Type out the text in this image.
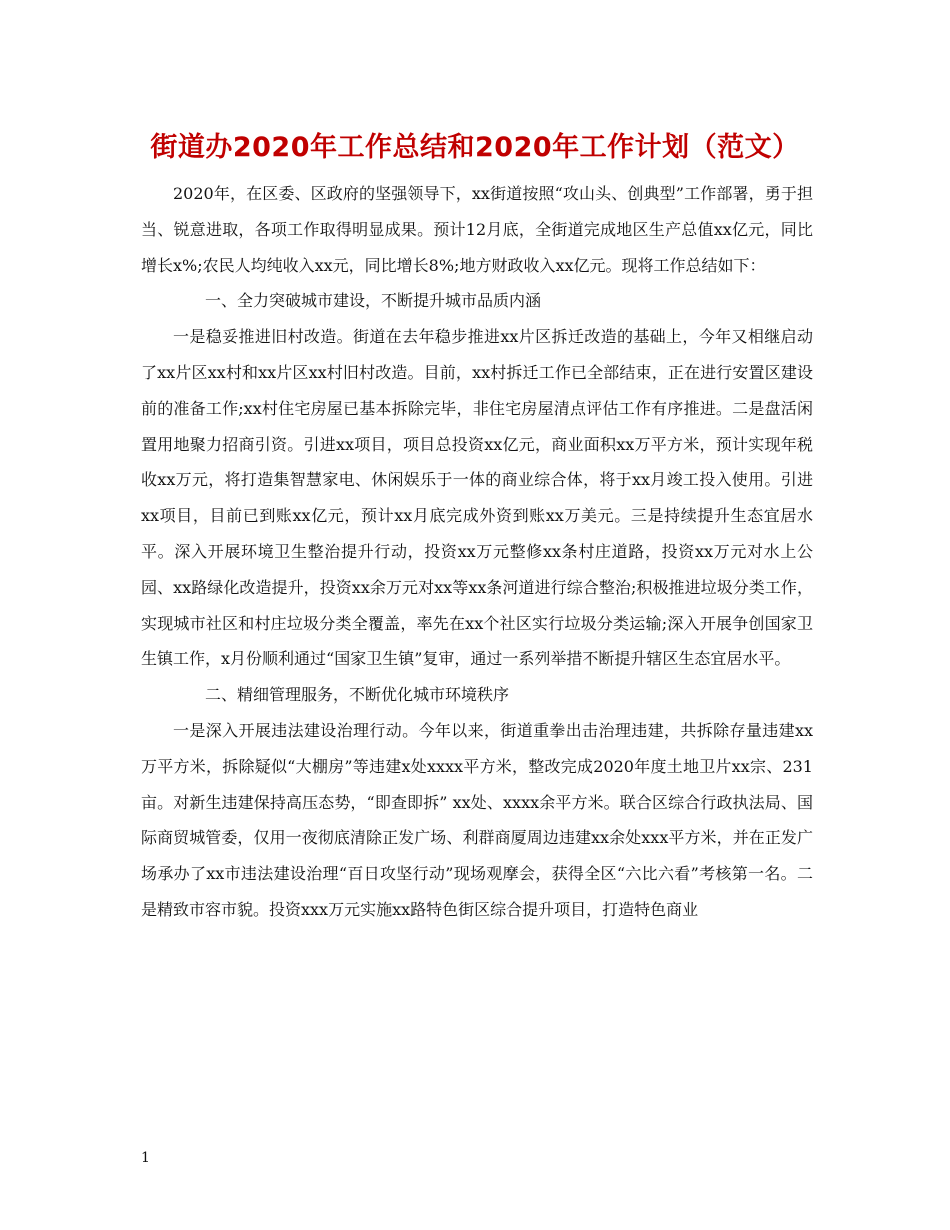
街道办2020年工作总结和2020年工作计划（范文）

2020年，在区委、区政府的坚强领导下，xx街道按照“攻山头、创典型”工作部署，勇于担当、锐意进取，各项工作取得明显成果。预计12月底，全街道完成地区生产总值xx亿元，同比增长x%;农民人均纯收入xx元，同比增长8%;地方财政收入xx亿元。现将工作总结如下：

一、全力突破城市建设，不断提升城市品质内涵

一是稳妥推进旧村改造。街道在去年稳步推进xx片区拆迁改造的基础上，今年又相继启动了xx片区xx村和xx片区xx村旧村改造。目前，xx村拆迁工作已全部结束，正在进行安置区建设前的准备工作;xx村住宅房屋已基本拆除完毕，非住宅房屋清点评估工作有序推进。二是盘活闲置用地聚力招商引资。引进xx项目，项目总投资xx亿元，商业面积xx万平方米，预计实现年税收xx万元，将打造集智慧家电、休闲娱乐于一体的商业综合体，将于xx月竣工投入使用。引进xx项目，目前已到账xx亿元，预计xx月底完成外资到账xx万美元。三是持续提升生态宜居水平。深入开展环境卫生整治提升行动，投资xx万元整修xx条村庄道路，投资xx万元对水上公园、xx路绿化改造提升，投资xx余万元对xx等xx条河道进行综合整治;积极推进垃圾分类工作，实现城市社区和村庄垃圾分类全覆盖，率先在xx个社区实行垃圾分类运输;深入开展争创国家卫生镇工作，x月份顺利通过“国家卫生镇”复审，通过一系列举措不断提升辖区生态宜居水平。

二、精细管理服务，不断优化城市环境秩序

一是深入开展违法建设治理行动。今年以来，街道重拳出击治理违建，共拆除存量违建xx万平方米，拆除疑似“大棚房”等违建x处xxxx平方米，整改完成2020年度土地卫片xx宗、231亩。对新生违建保持高压态势，“即查即拆” xx处、xxxx余平方米。联合区综合行政执法局、国际商贸城管委，仅用一夜彻底清除正发广场、利群商厦周边违建xx余处xxx平方米，并在正发广场承办了xx市违法建设治理“百日攻坚行动”现场观摩会，获得全区“六比六看”考核第一名。二是精致市容市貌。投资xxx万元实施xx路特色街区综合提升项目，打造特色商业

1
